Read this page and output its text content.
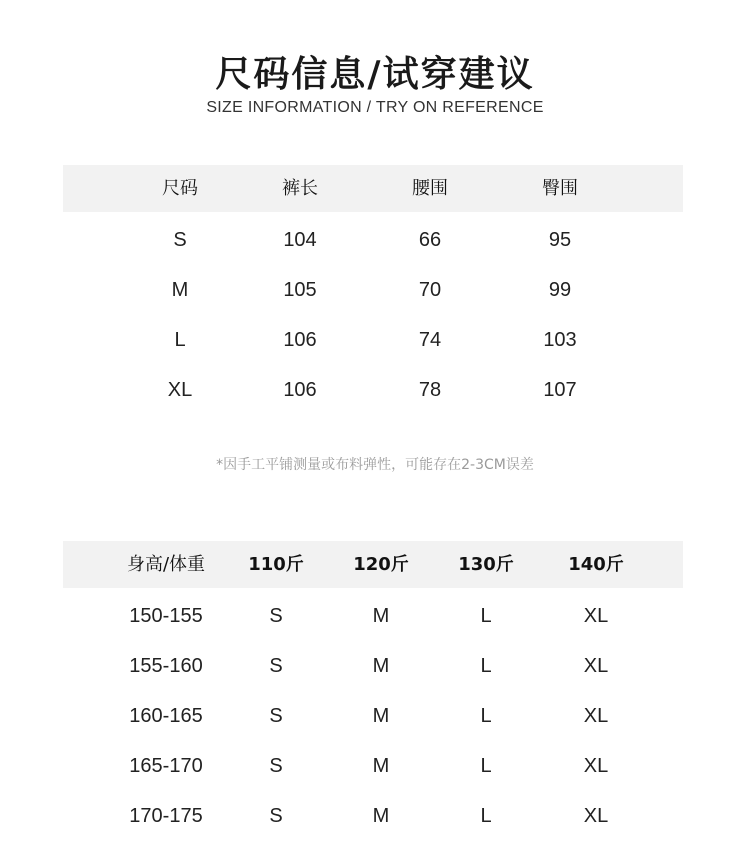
尺码信息/试穿建议
SIZE INFORMATION / TRY ON REFERENCE
尺码	裤长	腰围	臀围
S	104	66	95
M	105	70	99
L	106	74	103
XL	106	78	107
*因手工平铺测量或布料弹性，可能存在2-3CM误差
身高/体重 110斤	120斤	130斤	140斤
150-155	S	M	L	XL
155-160	S	M	L	XL
160-165	S	M	L	XL
165-170	S	M	L	XL
170-175	S	M	L	XL
